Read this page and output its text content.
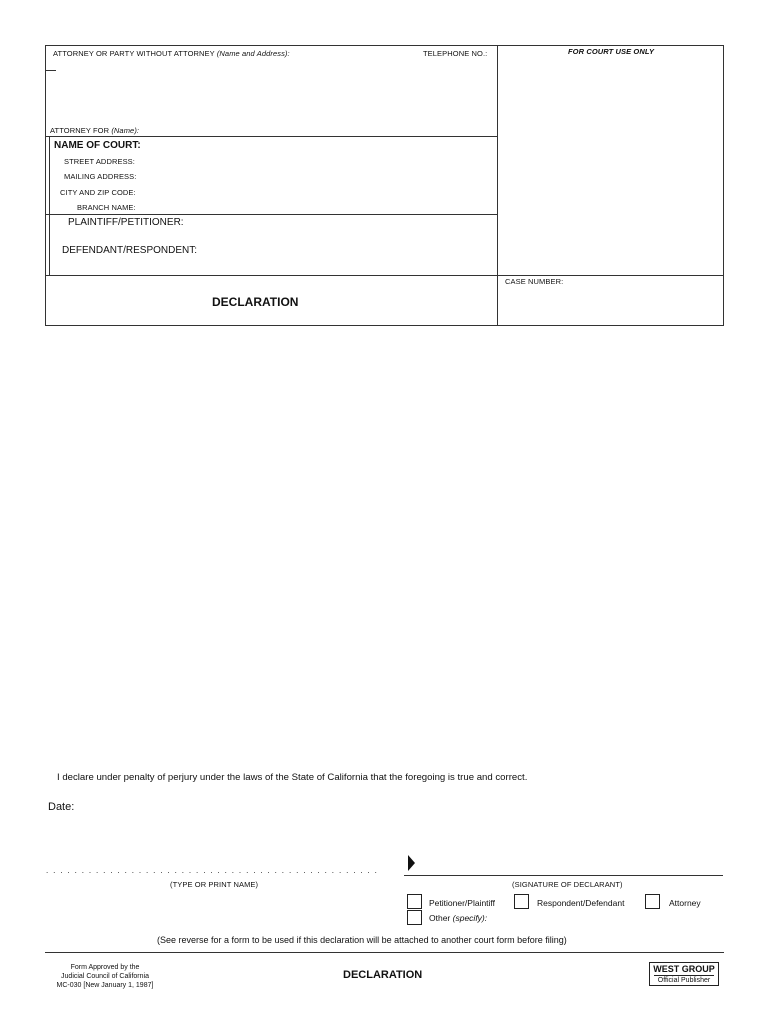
ATTORNEY OR PARTY WITHOUT ATTORNEY (Name and Address):	TELEPHONE NO.:	FOR COURT USE ONLY
ATTORNEY FOR (Name):
NAME OF COURT:
STREET ADDRESS:
MAILING ADDRESS:
CITY AND ZIP CODE:
BRANCH NAME:
PLAINTIFF/PETITIONER:
DEFENDANT/RESPONDENT:
DECLARATION
CASE NUMBER:
I declare under penalty of perjury under the laws of the State of California that the foregoing is true and correct.
Date:
. . . . . . . . . . . . . . . . . . . . . . . . . . . . . . . . . . . . . . . . . . . . . . .
(TYPE OR PRINT NAME)	(SIGNATURE OF DECLARANT)
Petitioner/Plaintiff	Respondent/Defendant	Attorney
Other (specify):
(See reverse for a form to be used if this declaration will be attached to another court form before filing)
Form Approved by the
Judicial Council of California
MC-030 [New January 1, 1987]
DECLARATION	WEST GROUP
Official Publisher
